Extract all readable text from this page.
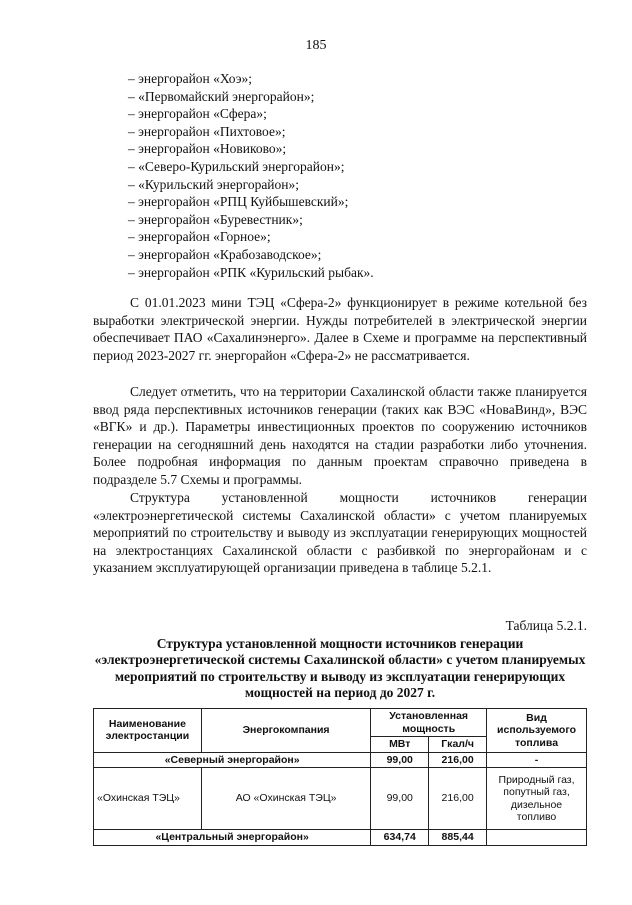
185
– энергорайон «Хоэ»;
– «Первомайский энергорайон»;
– энергорайон «Сфера»;
– энергорайон «Пихтовое»;
– энергорайон «Новиково»;
– «Северо-Курильский энергорайон»;
– «Курильский энергорайон»;
– энергорайон «РПЦ Куйбышевский»;
– энергорайон «Буревестник»;
– энергорайон «Горное»;
– энергорайон «Крабозаводское»;
– энергорайон «РПК «Курильский рыбак».

С 01.01.2023 мини ТЭЦ «Сфера-2» функционирует в режиме котельной без выработки электрической энергии. Нужды потребителей в электрической энергии обеспечивает ПАО «Сахалинэнерго». Далее в Схеме и программе на перспективный период 2023-2027 гг. энергорайон «Сфера-2» не рассматривается.

Следует отметить, что на территории Сахалинской области также планируется ввод ряда перспективных источников генерации (таких как ВЭС «НоваВинд», ВЭС «ВГК» и др.). Параметры инвестиционных проектов по сооружению источников генерации на сегодняшний день находятся на стадии разработки либо уточнения. Более подробная информация по данным проектам справочно приведена в подразделе 5.7 Схемы и программы.

Структура установленной мощности источников генерации «электроэнергетической системы Сахалинской области» с учетом планируемых мероприятий по строительству и выводу из эксплуатации генерирующих мощностей на электростанциях Сахалинской области с разбивкой по энергорайонам и с указанием эксплуатирующей организации приведена в таблице 5.2.1.

Таблица 5.2.1.

Структура установленной мощности источников генерации «электроэнергетической системы Сахалинской области» с учетом планируемых мероприятий по строительству и выводу из эксплуатации генерирующих мощностей на период до 2027 г.

Наименование электростанции	Энергокомпания	Установленная мощность		Вид используемого топлива
		МВт	Гкал/ч	
«Северный энергорайон»		99,00	216,00	-
«Охинская ТЭЦ»	АО «Охинская ТЭЦ»	99,00	216,00	Природный газ, попутный газ, дизельное топливо
«Центральный энергорайон»		634,74	885,44	
